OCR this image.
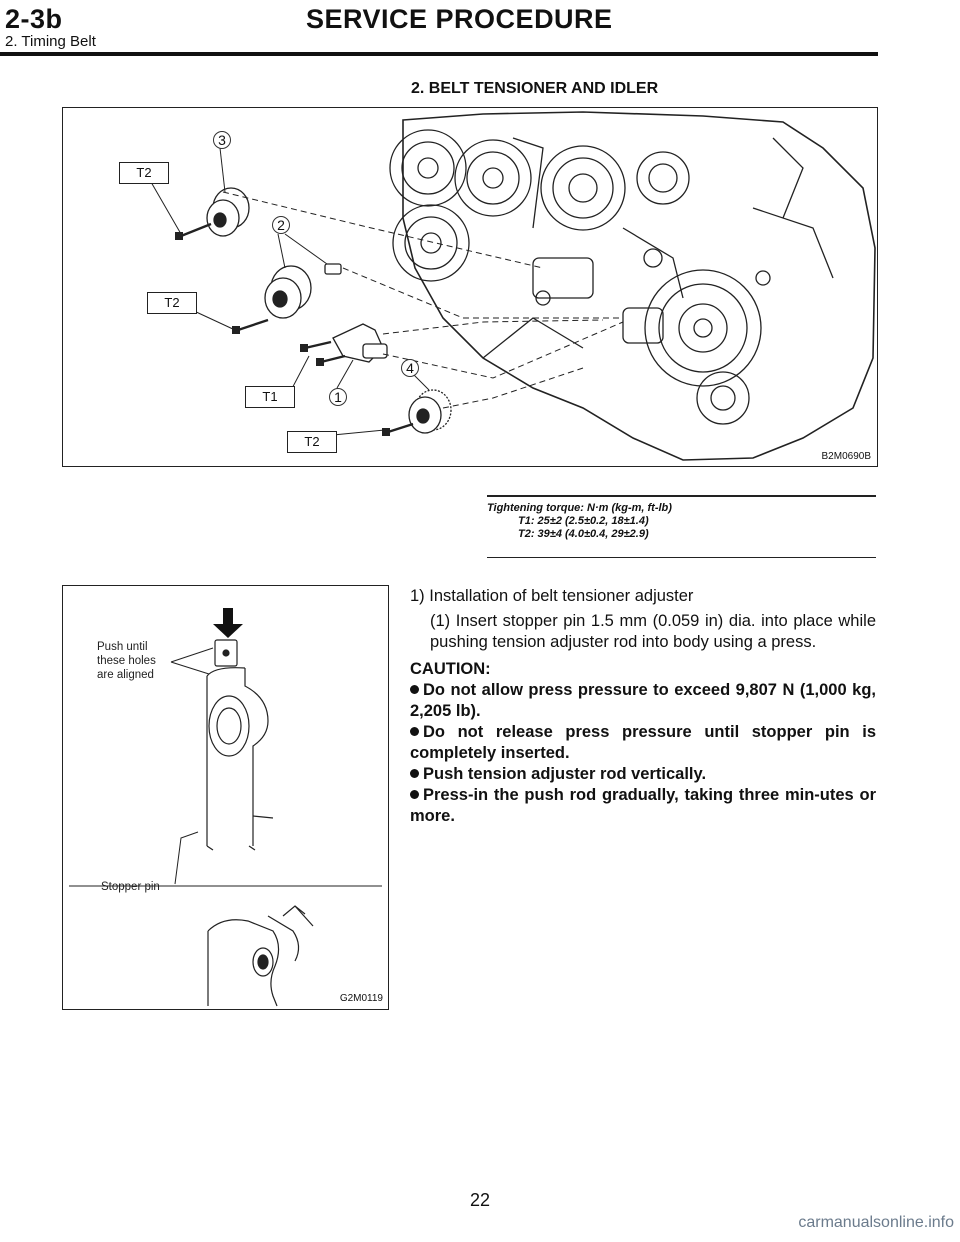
2-3b	SERVICE PROCEDURE
2. Timing Belt
2. BELT TENSIONER AND IDLER
T2
T2
T1
T2
3
2
1
4
B2M0690B
Tightening torque: N·m (kg-m, ft-lb)
T1: 25±2 (2.5±0.2, 18±1.4)
T2: 39±4 (4.0±0.4, 29±2.9)
Push until
these holes
are aligned
Stopper pin
G2M0119

1) Installation of belt tensioner adjuster

(1) Insert stopper pin 1.5 mm (0.059 in) dia. into place while pushing tension adjuster rod into body using a press.

CAUTION:

Do not allow press pressure to exceed 9,807 N (1,000 kg, 2,205 lb).

Do not release press pressure until stopper pin is completely inserted.

Push tension adjuster rod vertically.

Press-in the push rod gradually, taking three min-utes or more.

22
carmanualsonline.info
